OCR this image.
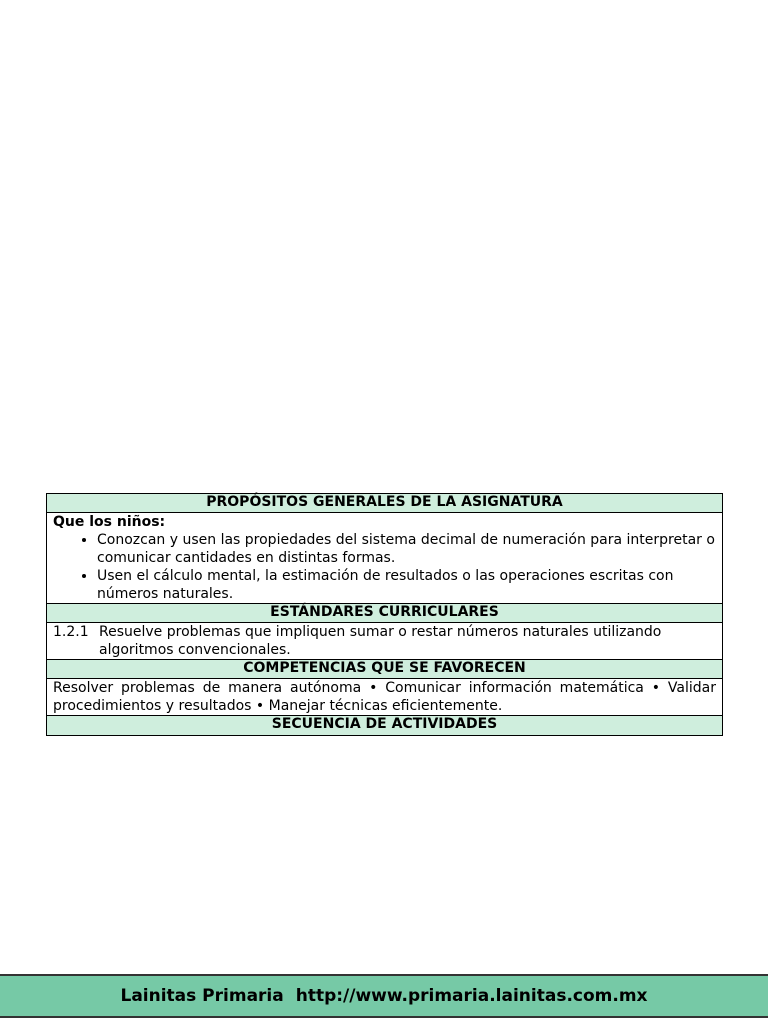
PROPÓSITOS GENERALES DE LA ASIGNATURA
Que los niños:
• Conozcan y usen las propiedades del sistema decimal de numeración para interpretar o comunicar cantidades en distintas formas.
• Usen el cálculo mental, la estimación de resultados o las operaciones escritas con números naturales.
ESTÁNDARES CURRICULARES
1.2.1 Resuelve problemas que impliquen sumar o restar números naturales utilizando algoritmos convencionales.
COMPETENCIAS QUE SE FAVORECEN
Resolver problemas de manera autónoma • Comunicar información matemática • Validar procedimientos y resultados • Manejar técnicas eficientemente.
SECUENCIA DE ACTIVIDADES
Lainitas Primaria http://www.primaria.lainitas.com.mx
